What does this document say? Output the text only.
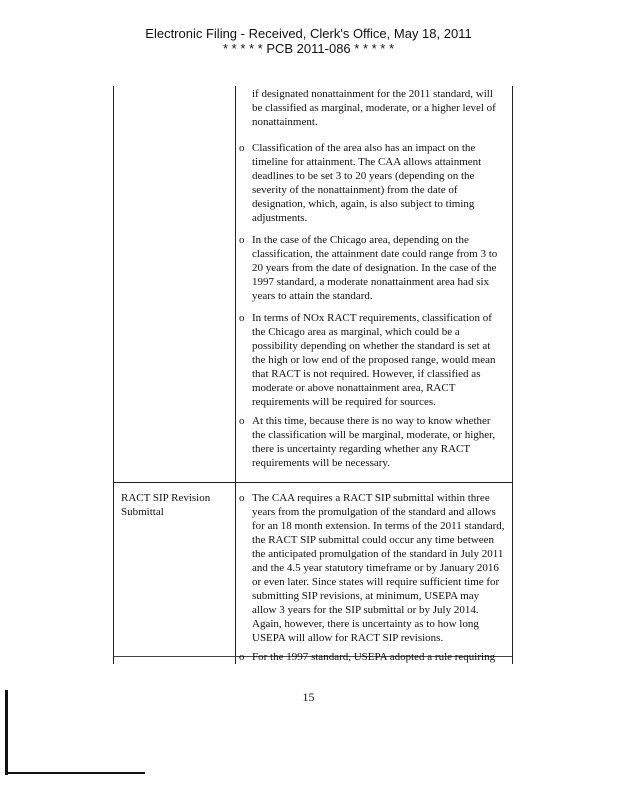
Electronic Filing - Received, Clerk's Office, May 18, 2011
* * * * * PCB 2011-086 * * * * *
RACT SIP Revision Submittal
if designated nonattainment for the 2011 standard, will be classified as marginal, moderate, or a higher level of nonattainment.
o Classification of the area also has an impact on the timeline for attainment. The CAA allows attainment deadlines to be set 3 to 20 years (depending on the severity of the nonattainment) from the date of designation, which, again, is also subject to timing adjustments.
o In the case of the Chicago area, depending on the classification, the attainment date could range from 3 to 20 years from the date of designation. In the case of the 1997 standard, a moderate nonattainment area had six years to attain the standard.
o In terms of NOx RACT requirements, classification of the Chicago area as marginal, which could be a possibility depending on whether the standard is set at the high or low end of the proposed range, would mean that RACT is not required. However, if classified as moderate or above nonattainment area, RACT requirements will be required for sources.
o At this time, because there is no way to know whether the classification will be marginal, moderate, or higher, there is uncertainty regarding whether any RACT requirements will be necessary.
o The CAA requires a RACT SIP submittal within three years from the promulgation of the standard and allows for an 18 month extension. In terms of the 2011 standard, the RACT SIP submittal could occur any time between the anticipated promulgation of the standard in July 2011 and the 4.5 year statutory timeframe or by January 2016 or even later. Since states will require sufficient time for submitting SIP revisions, at minimum, USEPA may allow 3 years for the SIP submittal or by July 2014. Again, however, there is uncertainty as to how long USEPA will allow for RACT SIP revisions.
o For the 1997 standard, USEPA adopted a rule requiring
15
